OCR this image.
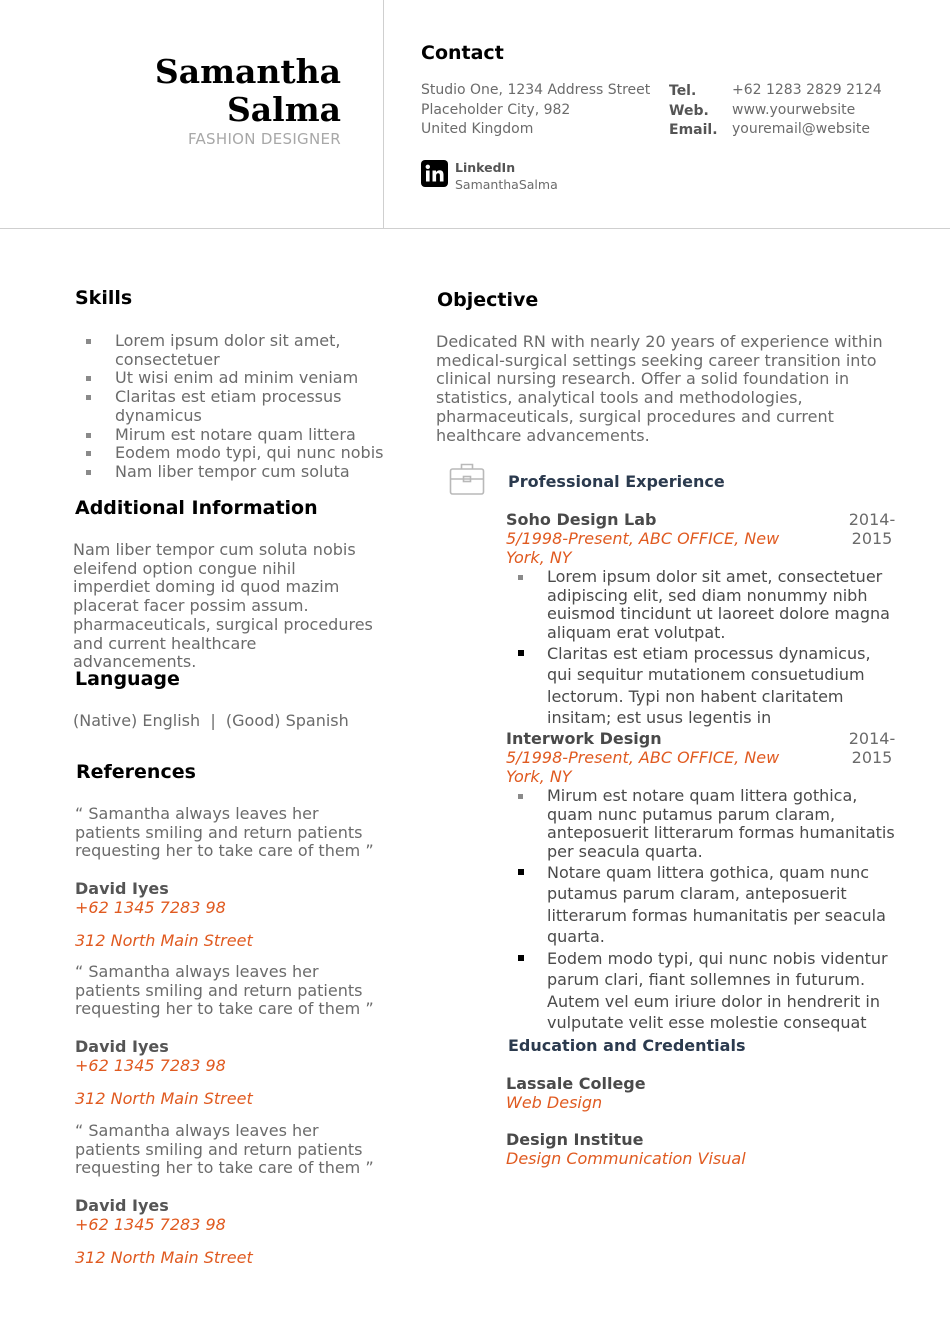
Samantha
Salma
FASHION DESIGNER
Contact
Studio One, 1234 Address Street
Placeholder City, 982
United Kingdom
Tel.
Web.
Email.
+62 1283 2829 2124
www.yourwebsite
youremail@website
LinkedIn
SamanthaSalma
Skills
Lorem ipsum dolor sit amet, consectetuer
Ut wisi enim ad minim veniam
Claritas est etiam processus dynamicus
Mirum est notare quam littera
Eodem modo typi, qui nunc nobis
Nam liber tempor cum soluta
Additional Information
Nam liber tempor cum soluta nobis eleifend option congue nihil imperdiet doming id quod mazim placerat facer possim assum. pharmaceuticals, surgical procedures and current healthcare advancements.
Language
(Native) English  |  (Good) Spanish
References
“ Samantha always leaves her patients smiling and return patients requesting her to take care of them ”
David Iyes
+62 1345 7283 98
312 North Main Street
“ Samantha always leaves her patients smiling and return patients requesting her to take care of them ”
David Iyes
+62 1345 7283 98
312 North Main Street
“ Samantha always leaves her patients smiling and return patients requesting her to take care of them ”
David Iyes
+62 1345 7283 98
312 North Main Street
Objective
Dedicated RN with nearly 20 years of experience within medical-surgical settings seeking career transition into clinical nursing research. Offer a solid foundation in statistics, analytical tools and methodologies, pharmaceuticals, surgical procedures and current healthcare advancements.
Professional Experience
Soho Design Lab	2014-2015
5/1998-Present, ABC OFFICE, New York, NY
Lorem ipsum dolor sit amet, consectetuer adipiscing elit, sed diam nonummy nibh euismod tincidunt ut laoreet dolore magna aliquam erat volutpat.
Claritas est etiam processus dynamicus, qui sequitur mutationem consuetudium lectorum. Typi non habent claritatem insitam; est usus legentis in
Interwork Design	2014-2015
5/1998-Present, ABC OFFICE, New York, NY
Mirum est notare quam littera gothica, quam nunc putamus parum claram, anteposuerit litterarum formas humanitatis per seacula quarta.
Notare quam littera gothica, quam nunc putamus parum claram, anteposuerit litterarum formas humanitatis per seacula quarta.
Eodem modo typi, qui nunc nobis videntur parum clari, fiant sollemnes in futurum. Autem vel eum iriure dolor in hendrerit in vulputate velit esse molestie consequat
Education and Credentials
Lassale College
Web Design
Design Institue
Design Communication Visual
